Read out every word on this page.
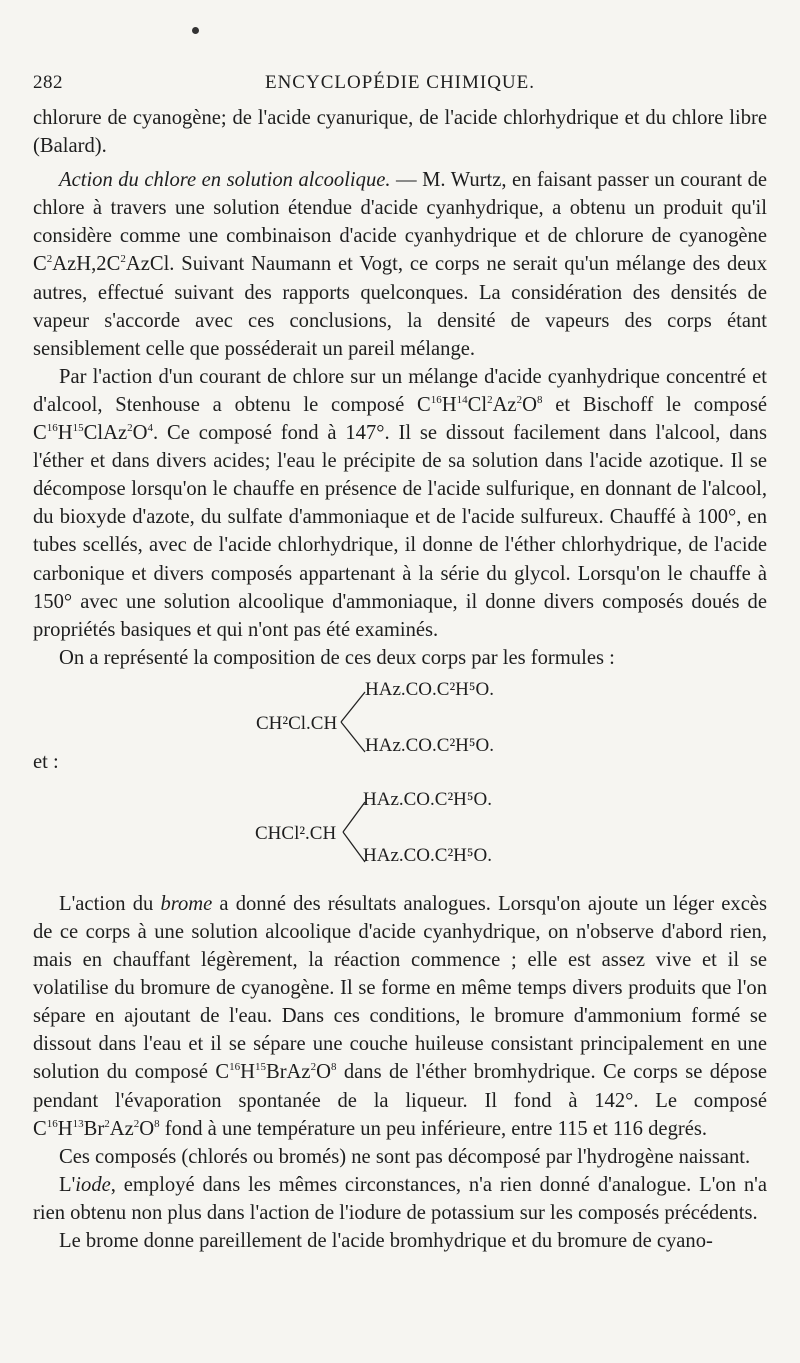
282	ENCYCLOPÉDIE CHIMIQUE.

chlorure de cyanogène; de l'acide cyanurique, de l'acide chlorhydrique et du chlore libre (Balard).

Action du chlore en solution alcoolique. — M. Wurtz, en faisant passer un courant de chlore à travers une solution étendue d'acide cyanhydrique, a obtenu un produit qu'il considère comme une combinaison d'acide cyanhydrique et de chlorure de cyanogène $C^2AzH,2C^2AzCl$. Suivant Naumann et Vogt, ce corps ne serait qu'un mélange des deux autres, effectué suivant des rapports quelconques. La considération des densités de vapeur s'accorde avec ces conclusions, la densité de vapeurs des corps étant sensiblement celle que posséderait un pareil mélange.

Par l'action d'un courant de chlore sur un mélange d'acide cyanhydrique concentré et d'alcool, Stenhouse a obtenu le composé $C^{16}H^{14}Cl^2Az^2O^8$ et Bischoff le composé $C^{16}H^{15}ClAz^2O^4$. Ce composé fond à 147°. Il se dissout facilement dans l'alcool, dans l'éther et dans divers acides; l'eau le précipite de sa solution dans l'acide azotique. Il se décompose lorsqu'on le chauffe en présence de l'acide sulfurique, en donnant de l'alcool, du bioxyde d'azote, du sulfate d'ammoniaque et de l'acide sulfureux. Chauffé à 100°, en tubes scellés, avec de l'acide chlorhydrique, il donne de l'éther chlorhydrique, de l'acide carbonique et divers composés appartenant à la série du glycol. Lorsqu'on le chauffe à 150° avec une solution alcoolique d'ammoniaque, il donne divers composés doués de propriétés basiques et qui n'ont pas été examinés.

On a représenté la composition de ces deux corps par les formules :

CH²Cl.CH
HAz.CO.C²H⁵O.
HAz.CO.C²H⁵O.
et :
CHCl².CH
HAz.CO.C²H⁵O.
HAz.CO.C²H⁵O.

L'action du brome a donné des résultats analogues. Lorsqu'on ajoute un léger excès de ce corps à une solution alcoolique d'acide cyanhydrique, on n'observe d'abord rien, mais en chauffant légèrement, la réaction commence ; elle est assez vive et il se volatilise du bromure de cyanogène. Il se forme en même temps divers produits que l'on sépare en ajoutant de l'eau. Dans ces conditions, le bromure d'ammonium formé se dissout dans l'eau et il se sépare une couche huileuse consistant principalement en une solution du composé $C^{16}H^{15}BrAz^2O^8$ dans de l'éther bromhydrique. Ce corps se dépose pendant l'évaporation spontanée de la liqueur. Il fond à 142°. Le composé $C^{16}H^{13}Br^2Az^2O^8$ fond à une température un peu inférieure, entre 115 et 116 degrés.

Ces composés (chlorés ou bromés) ne sont pas décomposé par l'hydrogène naissant.

L'iode, employé dans les mêmes circonstances, n'a rien donné d'analogue. L'on n'a rien obtenu non plus dans l'action de l'iodure de potassium sur les composés précédents.

Le brome donne pareillement de l'acide bromhydrique et du bromure de cyano-
